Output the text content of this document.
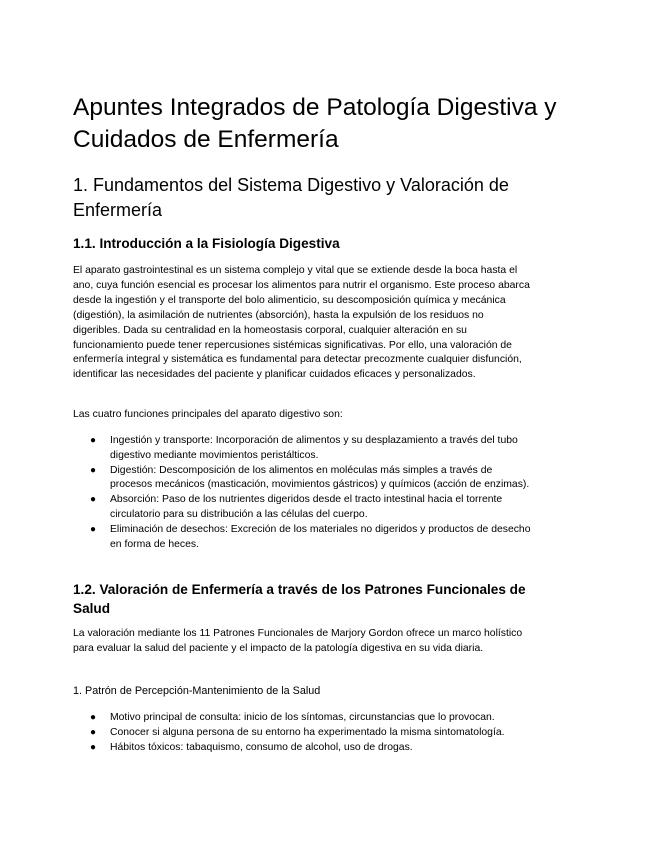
Apuntes Integrados de Patología Digestiva y Cuidados de Enfermería
1. Fundamentos del Sistema Digestivo y Valoración de Enfermería
1.1. Introducción a la Fisiología Digestiva

El aparato gastrointestinal es un sistema complejo y vital que se extiende desde la boca hasta el ano, cuya función esencial es procesar los alimentos para nutrir el organismo. Este proceso abarca desde la ingestión y el transporte del bolo alimenticio, su descomposición química y mecánica (digestión), la asimilación de nutrientes (absorción), hasta la expulsión de los residuos no digeribles. Dada su centralidad en la homeostasis corporal, cualquier alteración en su funcionamiento puede tener repercusiones sistémicas significativas. Por ello, una valoración de enfermería integral y sistemática es fundamental para detectar precozmente cualquier disfunción, identificar las necesidades del paciente y planificar cuidados eficaces y personalizados.

Las cuatro funciones principales del aparato digestivo son:

● Ingestión y transporte: Incorporación de alimentos y su desplazamiento a través del tubo digestivo mediante movimientos peristálticos.
● Digestión: Descomposición de los alimentos en moléculas más simples a través de procesos mecánicos (masticación, movimientos gástricos) y químicos (acción de enzimas).
● Absorción: Paso de los nutrientes digeridos desde el tracto intestinal hacia el torrente circulatorio para su distribución a las células del cuerpo.
● Eliminación de desechos: Excreción de los materiales no digeridos y productos de desecho en forma de heces.
1.2. Valoración de Enfermería a través de los Patrones Funcionales de Salud

La valoración mediante los 11 Patrones Funcionales de Marjory Gordon ofrece un marco holístico para evaluar la salud del paciente y el impacto de la patología digestiva en su vida diaria.

1. Patrón de Percepción-Mantenimiento de la Salud

● Motivo principal de consulta: inicio de los síntomas, circunstancias que lo provocan.
● Conocer si alguna persona de su entorno ha experimentado la misma sintomatología.
● Hábitos tóxicos: tabaquismo, consumo de alcohol, uso de drogas.
